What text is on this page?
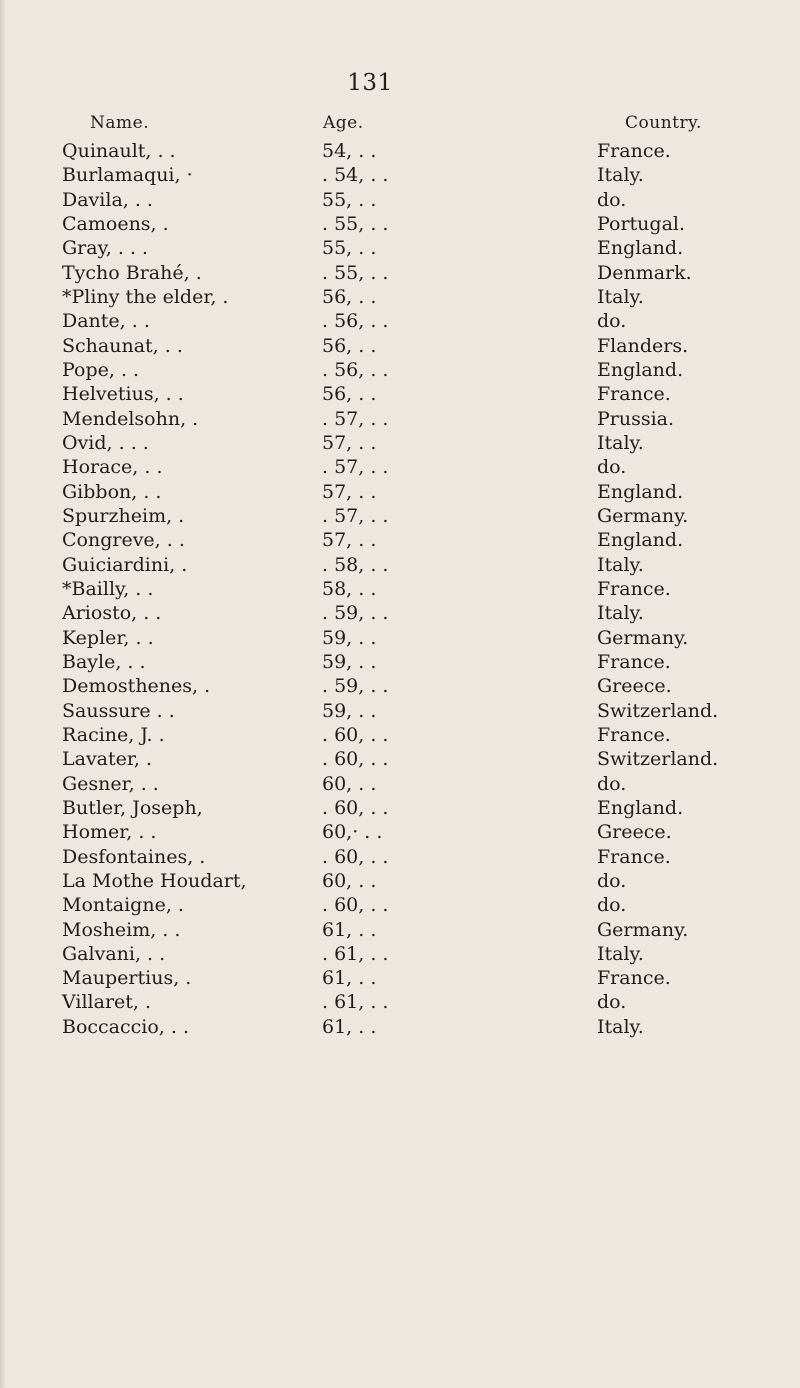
131
Name.	Age.	Country.
Quinault, . .	54, . .	France.
Burlamaqui, ·	. 54, . .	Italy.
Davila, . .	55, . .	do.
Camoens, .	. 55, . .	Portugal.
Gray, . . .	55, . .	England.
Tycho Brahé, .	. 55, . .	Denmark.
*Pliny the elder, .	56, . .	Italy.
Dante, . .	. 56, . .	do.
Schaunat, . .	56, . .	Flanders.
Pope, . .	. 56, . .	England.
Helvetius, . .	56, . .	France.
Mendelsohn, .	. 57, . .	Prussia.
Ovid, . . .	57, . .	Italy.
Horace, . .	. 57, . .	do.
Gibbon, . .	57, . .	England.
Spurzheim, .	. 57, . .	Germany.
Congreve, . .	57, . .	England.
Guiciardini, .	. 58, . .	Italy.
*Bailly, . .	58, . .	France.
Ariosto, . .	. 59, . .	Italy.
Kepler, . .	59, . .	Germany.
Bayle, . .	59, . .	France.
Demosthenes, .	. 59, . .	Greece.
Saussure . .	59, . .	Switzerland.
Racine, J. .	. 60, . .	France.
Lavater, .	. 60, . .	Switzerland.
Gesner, . .	60, . .	do.
Butler, Joseph,	. 60, . .	England.
Homer, . .	60,· . .	Greece.
Desfontaines, .	. 60, . .	France.
La Mothe Houdart,	60, . .	do.
Montaigne, .	. 60, . .	do.
Mosheim, . .	61, . .	Germany.
Galvani, . .	. 61, . .	Italy.
Maupertius, .	61, . .	France.
Villaret, .	. 61, . .	do.
Boccaccio, . .	61, . .	Italy.
